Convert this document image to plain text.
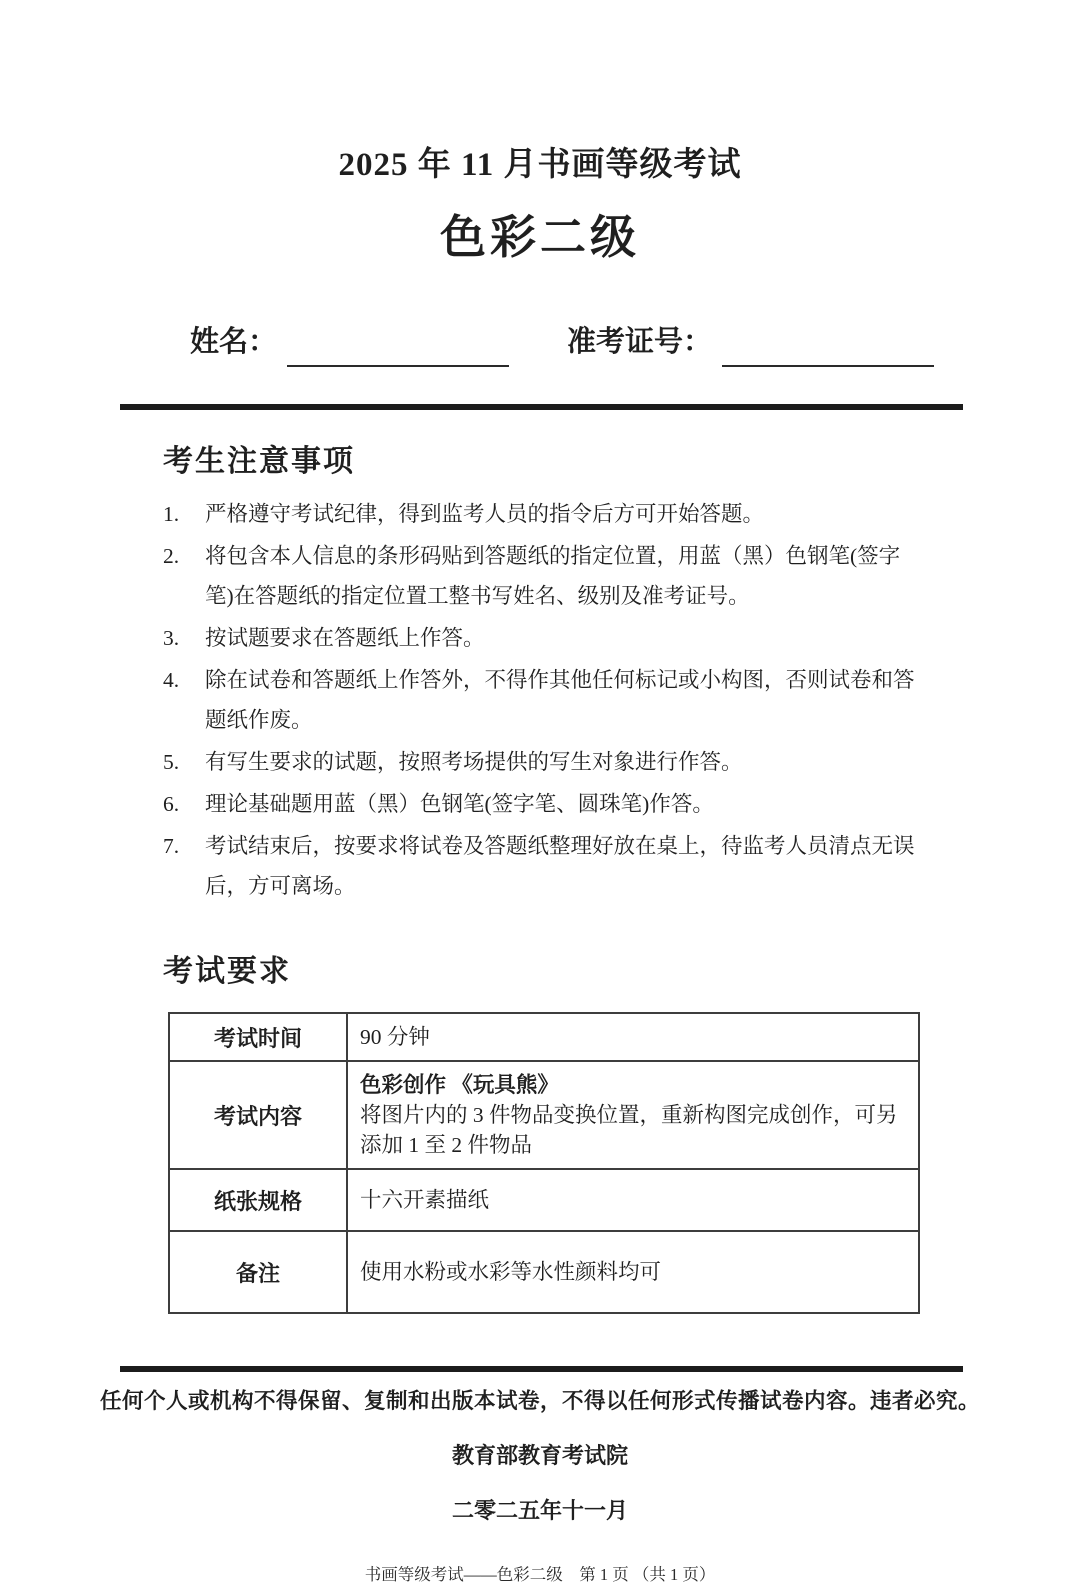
2025 年 11 月书画等级考试
色彩二级
姓名：	准考证号：
考生注意事项
1.	严格遵守考试纪律，得到监考人员的指令后方可开始答题。
2.	将包含本人信息的条形码贴到答题纸的指定位置，用蓝（黑）色钢笔(签字笔)在答题纸的指定位置工整书写姓名、级别及准考证号。
3.	按试题要求在答题纸上作答。
4.	除在试卷和答题纸上作答外，不得作其他任何标记或小构图，否则试卷和答题纸作废。
5.	有写生要求的试题，按照考场提供的写生对象进行作答。
6.	理论基础题用蓝（黑）色钢笔(签字笔、圆珠笔)作答。
7.	考试结束后，按要求将试卷及答题纸整理好放在桌上，待监考人员清点无误后，方可离场。
考试要求
考试时间	90 分钟
考试内容	色彩创作 《玩具熊》
将图片内的 3 件物品变换位置，重新构图完成创作，可另添加 1 至 2 件物品

纸张规格	十六开素描纸
备注	使用水粉或水彩等水性颜料均可
任何个人或机构不得保留、复制和出版本试卷，不得以任何形式传播试卷内容。违者必究。
教育部教育考试院
二零二五年十一月
书画等级考试——色彩二级　第 1 页 （共 1 页）
